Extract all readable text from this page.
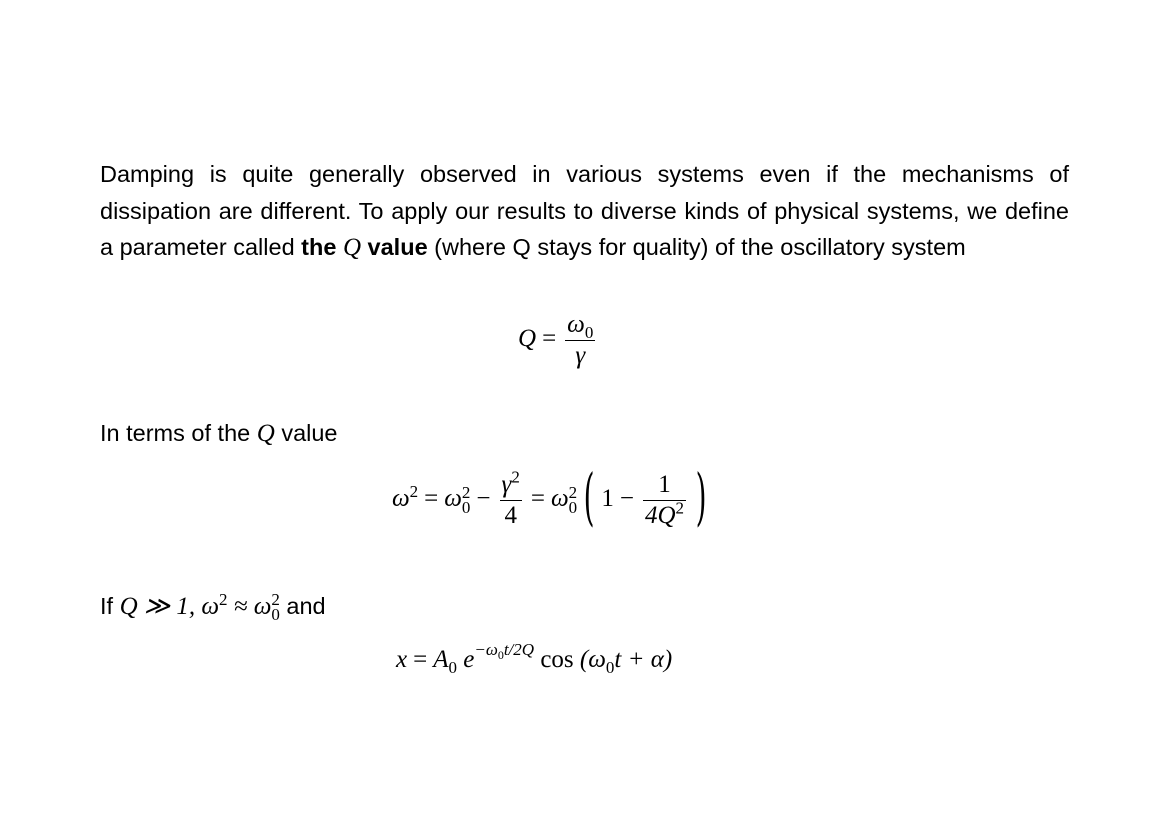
Damping is quite generally observed in various systems even if the mechanisms of dissipation are different. To apply our results to diverse kinds of physical systems, we define a parameter called the Q value (where Q stays for quality) of the oscillatory system

$Q = \frac{\omega_0}{\gamma}$
In terms of the Q value
$\omega^2 = \omega$ 2
$0 - \frac{\gamma^2}{4} = \omega$ 2
0 ( $1 - \frac{1}{4Q^2}$ )
If Q ≫ 1, $\omega^2 \approx \omega$ 2
0 and
$x = A_0$ $e^{-\omega_0t/2Q}$ $\cos (\omega_0t + \alpha)$
